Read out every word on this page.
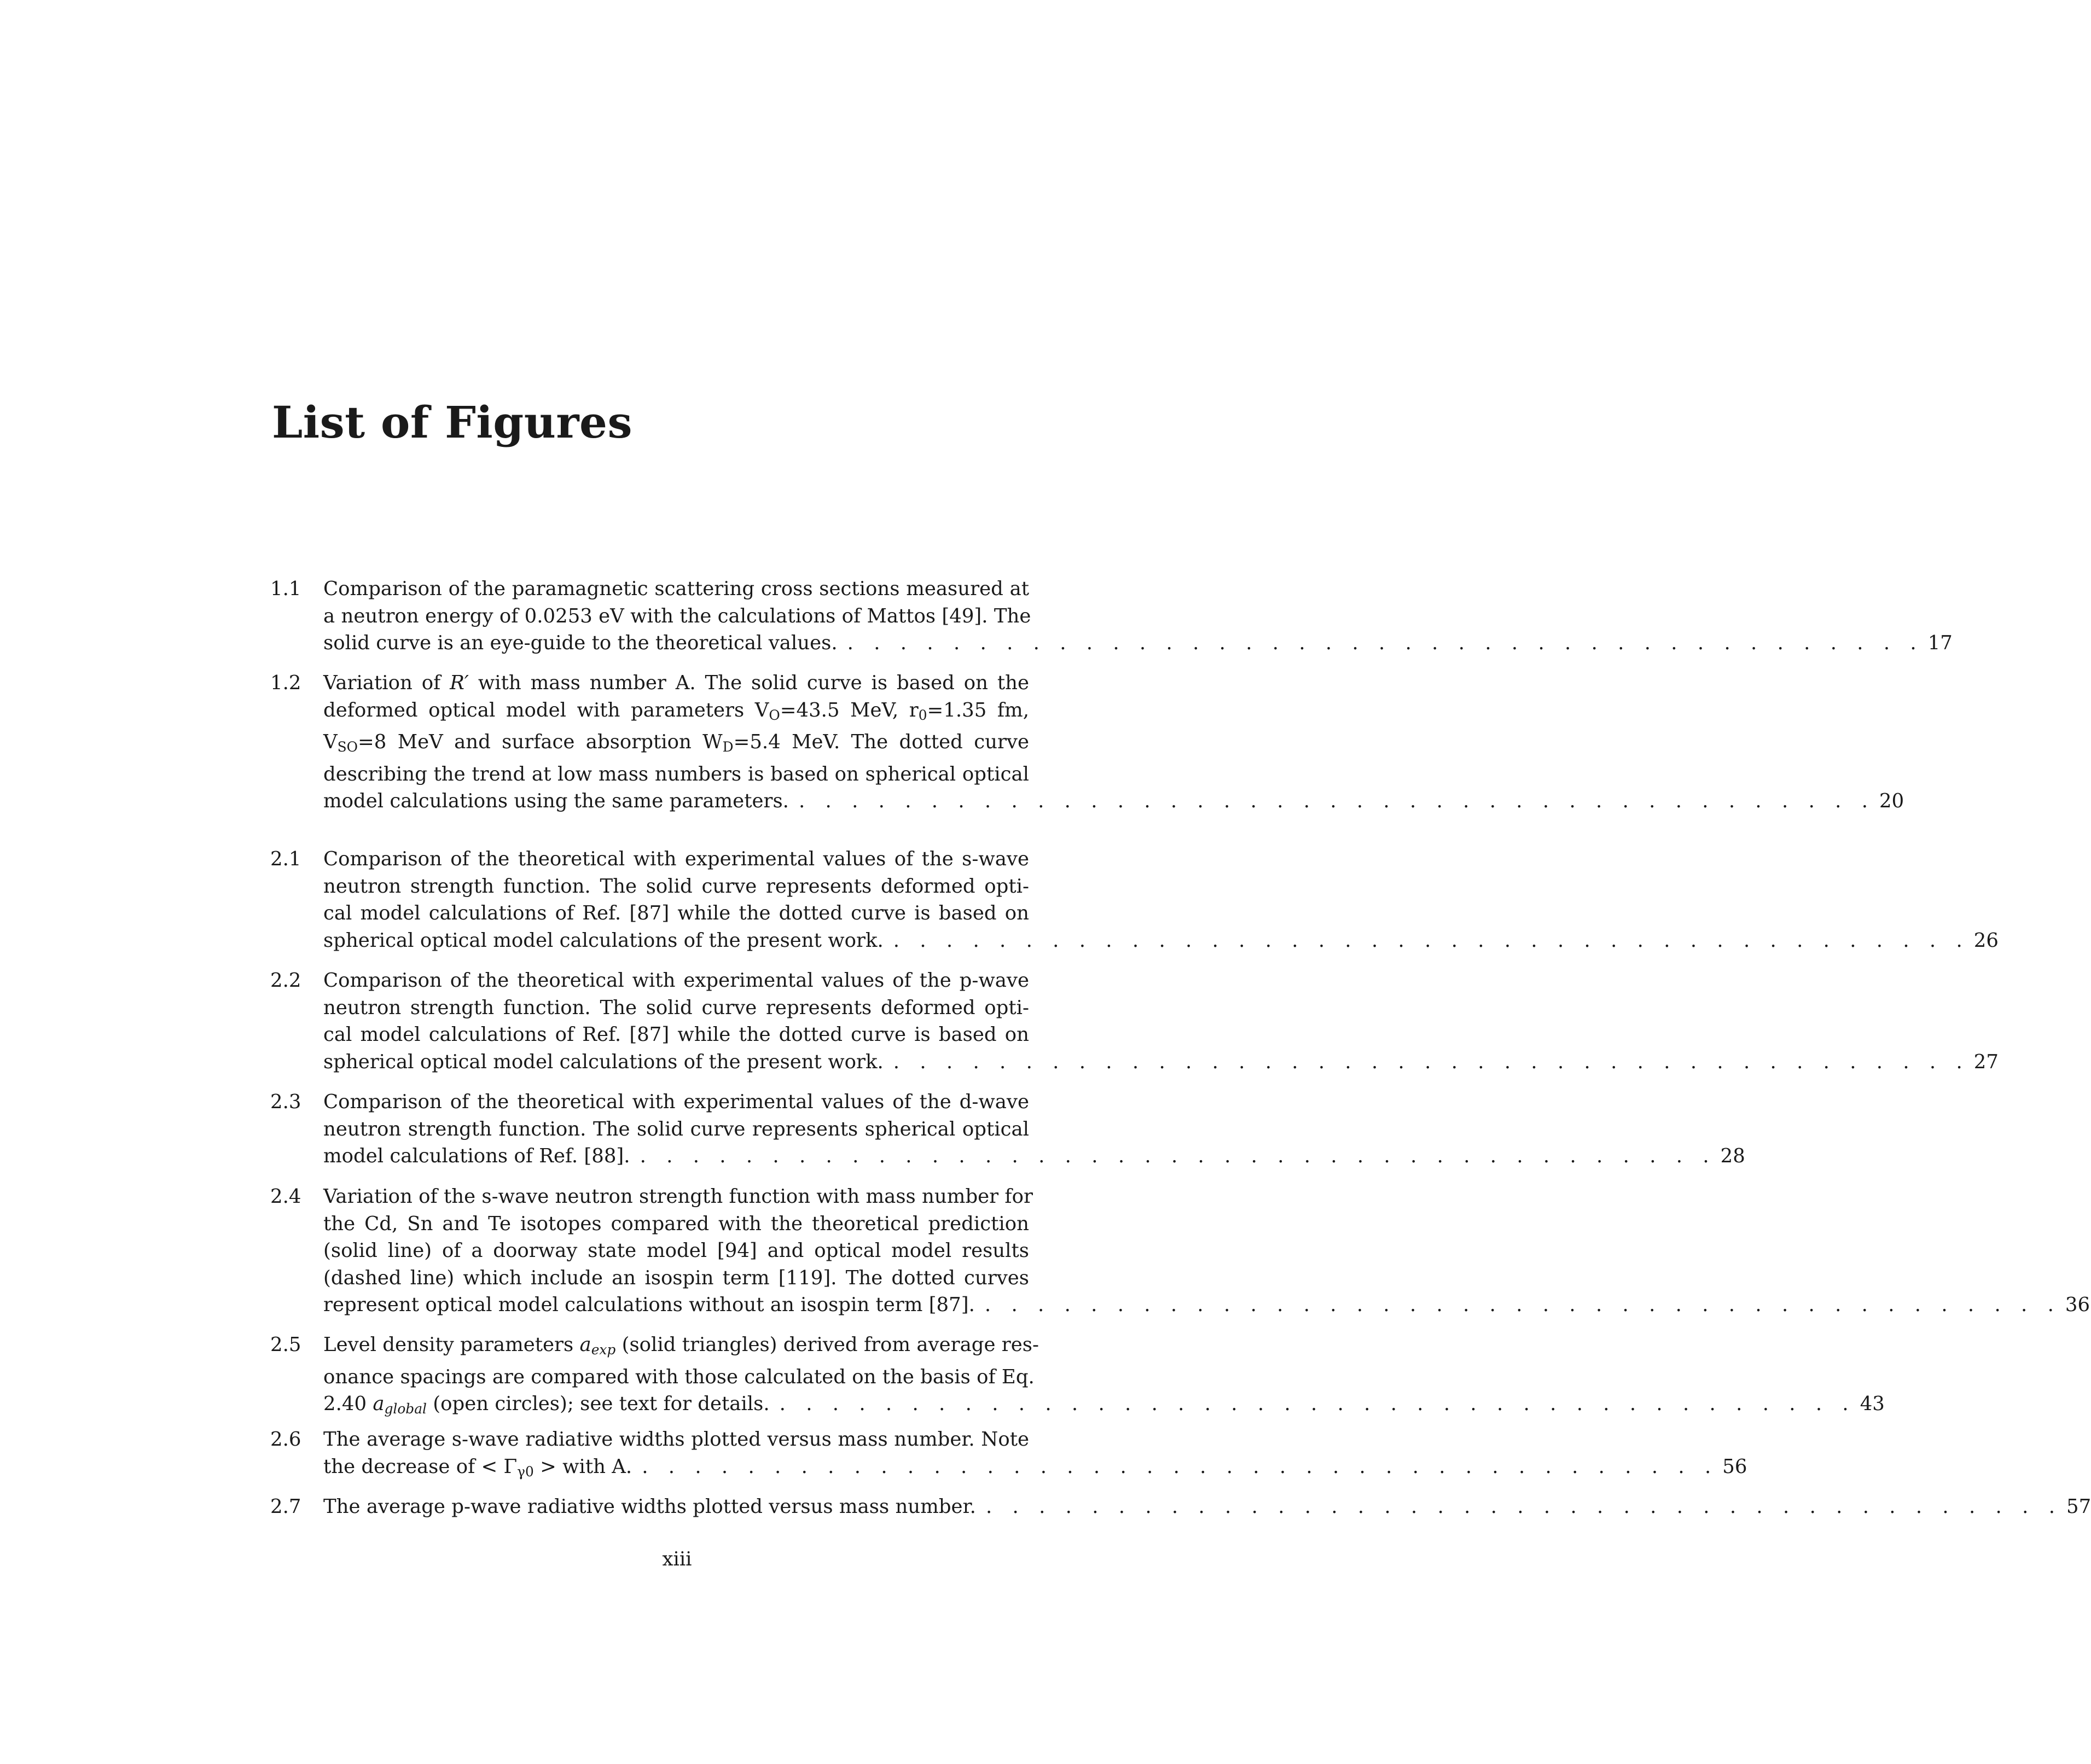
List of Figures
1.1 Comparison of the paramagnetic scattering cross sections measured at
a neutron energy of 0.0253 eV with the calculations of Mattos [49]. The
solid curve is an eye-guide to the theoretical values. . . . . . . . . . . . . . . . . . . . . . . . . . . . . . . . . . . . . . . . . . 17
1.2 Variation of R′ with mass number A. The solid curve is based on the
deformed optical model with parameters $V_O=43.5$ MeV, $r_0=1.35$ fm,
$V_{SO}=8$ MeV and surface absorption $W_D=5.4$ MeV. The dotted curve
describing the trend at low mass numbers is based on spherical optical
model calculations using the same parameters. . . . . . . . . . . . . . . . . . . . . . . . . . . . . . . . . . . . . . . . . . 20
2.1 Comparison of the theoretical with experimental values of the s-wave
neutron strength function. The solid curve represents deformed opti-
cal model calculations of Ref. [87] while the dotted curve is based on
spherical optical model calculations of the present work. . . . . . . . . . . . . . . . . . . . . . . . . . . . . . . . . . . . . . . . . . 26
2.2 Comparison of the theoretical with experimental values of the p-wave
neutron strength function. The solid curve represents deformed opti-
cal model calculations of Ref. [87] while the dotted curve is based on
spherical optical model calculations of the present work. . . . . . . . . . . . . . . . . . . . . . . . . . . . . . . . . . . . . . . . . . 27
2.3 Comparison of the theoretical with experimental values of the d-wave
neutron strength function. The solid curve represents spherical optical
model calculations of Ref. [88]. . . . . . . . . . . . . . . . . . . . . . . . . . . . . . . . . . . . . . . . . . 28
2.4 Variation of the s-wave neutron strength function with mass number for
the Cd, Sn and Te isotopes compared with the theoretical prediction
(solid line) of a doorway state model [94] and optical model results
(dashed line) which include an isospin term [119]. The dotted curves
represent optical model calculations without an isospin term [87]. . . . . . . . . . . . . . . . . . . . . . . . . . . . . . . . . . . . . . . . . . 36
2.5 Level density parameters $a_{exp}$ (solid triangles) derived from average res-
onance spacings are compared with those calculated on the basis of Eq.
2.40 $a_{global}$ (open circles); see text for details. . . . . . . . . . . . . . . . . . . . . . . . . . . . . . . . . . . . . . . . . . 43
2.6 The average s-wave radiative widths plotted versus mass number. Note
the decrease of < $\Gamma_{\gamma 0}$ > with A. . . . . . . . . . . . . . . . . . . . . . . . . . . . . . . . . . . . . . . . . . 56
2.7 The average p-wave radiative widths plotted versus mass number. . . . . . . . . . . . . . . . . . . . . . . . . . . . . . . . . . . . . . . . . . 57
xiii
